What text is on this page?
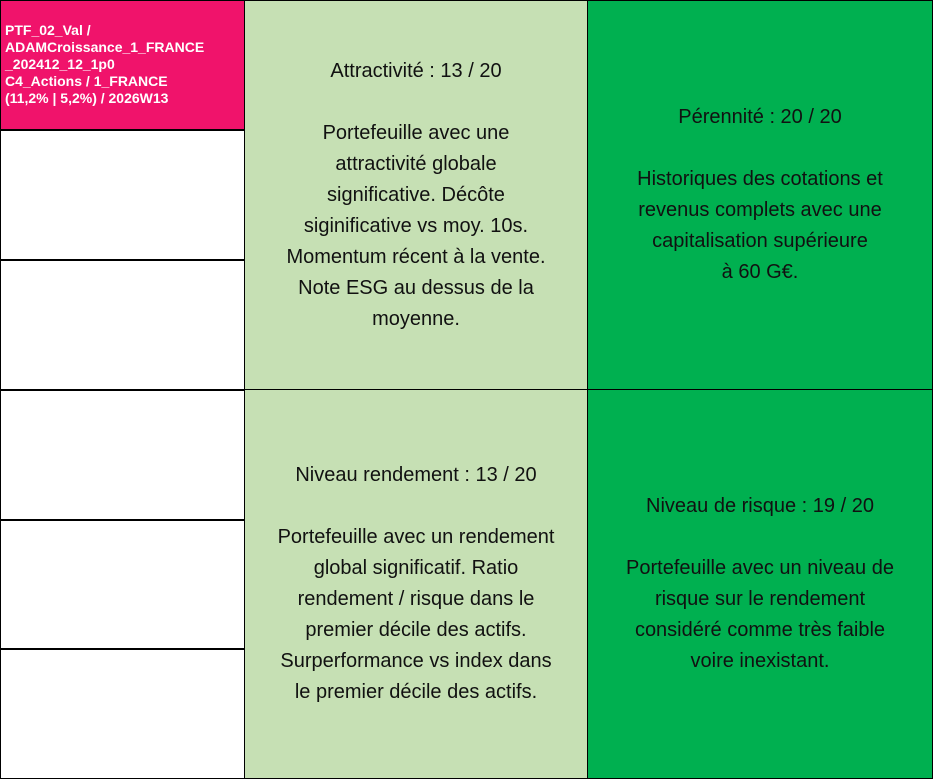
PTF_02_Val /
ADAMCroissance_1_FRANCE
_202412_12_1p0
C4_Actions / 1_FRANCE
(11,2% | 5,2%) / 2026W13

Attractivité : 13 / 20
Portefeuille avec une
attractivité globale
significative. Décôte
siginificative vs moy. 10s.
Momentum récent à la vente.
Note ESG au dessus de la
moyenne.
Pérennité : 20 / 20
Historiques des cotations et
revenus complets avec une
capitalisation supérieure
à 60 G€.
Niveau rendement : 13 / 20
Portefeuille avec un rendement
global significatif. Ratio
rendement / risque dans le
premier décile des actifs.
Surperformance vs index dans
le premier décile des actifs.
Niveau de risque : 19 / 20
Portefeuille avec un niveau de
risque sur le rendement
considéré comme très faible
voire inexistant.
